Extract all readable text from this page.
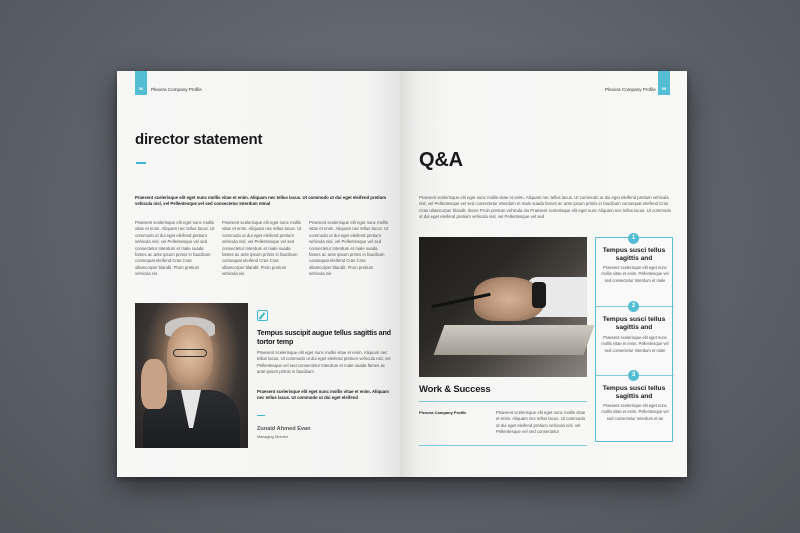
06	Plexora Company Profile
director statement
Praesent scelerisque elit eget nunc mollis vitae et enim. Aliquam nec tellus lacus. Ut commodo ut dui eget eleifend pretium vehicula nisl, vel Pellentesque vel sed consectetur Interdum etmal
Praesent scelerisque elit eget nunc mollis vitae et enim. Aliquam nec tellus lacus. Ut commodo ut dui eget eleifend pretium vehicula nisl, vel Pellentesque vel sed consectetur Interdum et male suada fames ac ante ipsum primis in faucibum consequat eleifend Cras Cras ullamcorper blandit. Proin pretium vehicula nis
Praesent scelerisque elit eget nunc mollis vitae et enim. Aliquam nec tellus lacus. Ut commodo ut dui eget eleifend pretium vehicula nisl, vel Pellentesque vel sed consectetur Interdum et male suada fames ac ante ipsum primis in faucibum consequat eleifend Cras Cras ullamcorper blandit. Proin pretium vehicula nis
Praesent scelerisque elit eget nunc mollis vitae et enim. Aliquam nec tellus lacus. Ut commodo ut dui eget eleifend pretium vehicula nisl, vel Pellentesque vel sed consectetur Interdum et male suada fames ac ante ipsum primis in faucibum consequat eleifend Cras Cras ullamcorper blandit. Proin pretium vehicula nis
Tempus suscipit augue tellus sagittis and tortor temp
Praesent scelerisque elit eget nunc mollis vitae et enim. Aliquam nec tellus lacus. Ut commodo ut dui eget eleifend pretium vehicula nisl, vel Pellentesque vel sed consectetur Interdum et male suada fames ac ante ipsum primis in faucibum
Praesent scelerisque elit eget nunc mollis vitae et enim. Aliquam nec tellus lacus. Ut commodo ut dui eget eleifend
Zunaid Ahmed Evan
Managing Director
Plexora Company Profile	09
Q&A
Praesent scelerisque elit eget nunc mollis vitae et enim. Aliquam nec tellus lacus. Ut commodo ut dui eget eleifend pretium vehicula nisl, vel Pellentesque vel sed consectetur Interdum et male suada fames ac ante ipsum primis in faucibum consequat eleifend Cras Cras ullamcorper blandit. Ibene Proin pretium vehicula nis Praesent scelerisque elit eget nunc Aliquam nec tellus lacus. Ut commodo ut dui eget eleifend pretium vehicula nisl, vel Pellentesque vel sed
Work & Success
Plexora Company Profile	Praesent scelerisque elit eget nunc mollis vitae et enim. Aliquam nec tellus lacus. Ut commodo ut dui eget eleifend pretium vehicula nisl, vel Pellentesque vel sed consectetur
1
Tempus susci tellus sagittis and
Praesent scelerisque elit eget nunc mollis vitae et enim. Pellentesque vel sed consectetur Interdum et male
2
Tempus susci tellus sagittis and
Praesent scelerisque elit eget nunc mollis vitae et enim. Pellentesque vel sed consectetur Interdum et male
3
Tempus susci tellus sagittis and
Praesent scelerisque elit eget nunc mollis vitae et enim. Pellentesque vel sed consectetur Interdum et ae
